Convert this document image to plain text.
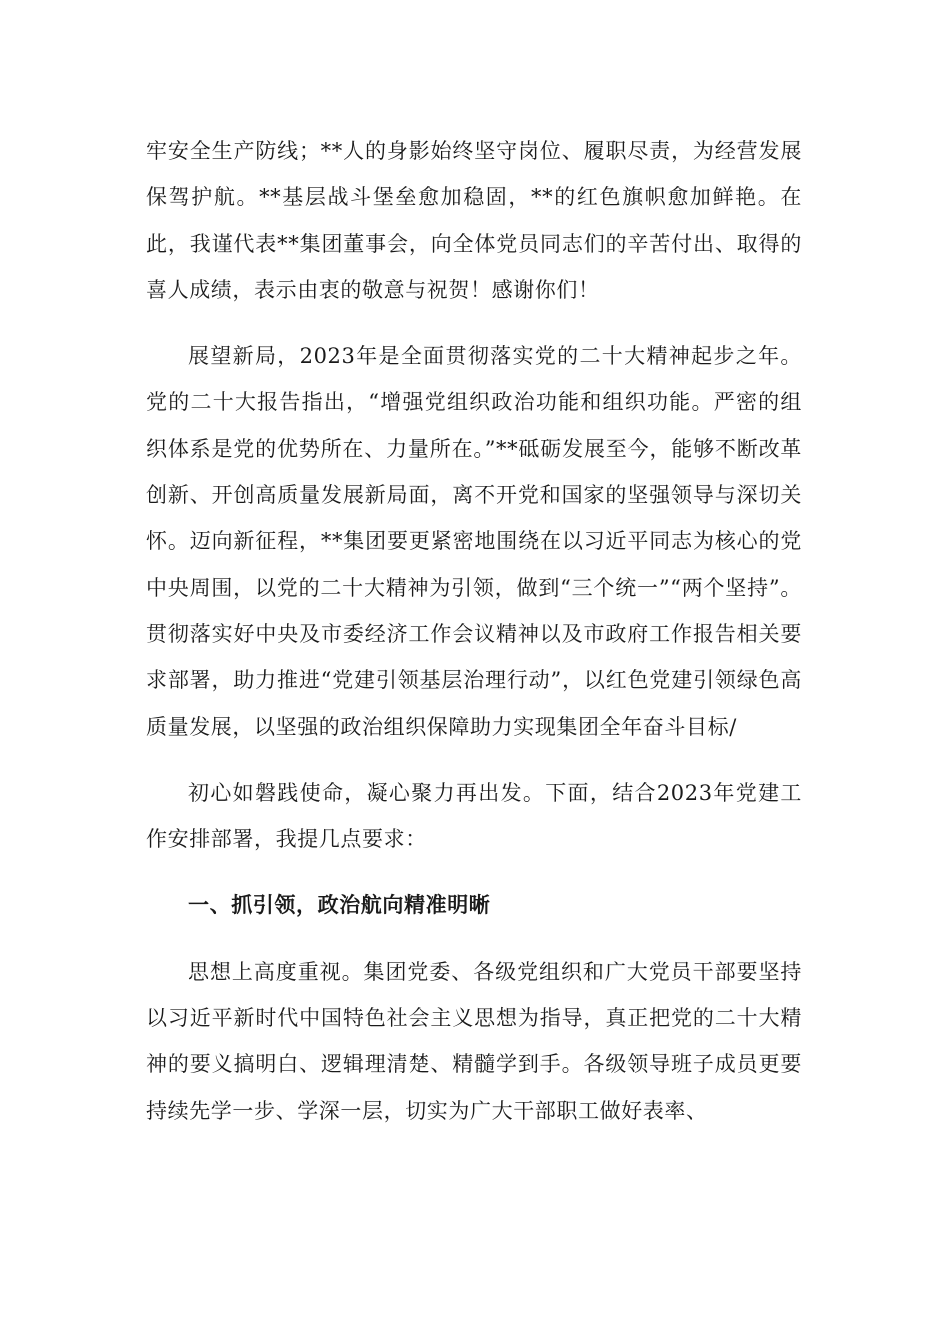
牢安全生产防线；**人的身影始终坚守岗位、履职尽责，为经营发展保驾护航。**基层战斗堡垒愈加稳固，**的红色旗帜愈加鲜艳。在此，我谨代表**集团董事会，向全体党员同志们的辛苦付出、取得的喜人成绩，表示由衷的敬意与祝贺！感谢你们！

展望新局，2023年是全面贯彻落实党的二十大精神起步之年。党的二十大报告指出，“增强党组织政治功能和组织功能。严密的组织体系是党的优势所在、力量所在。”**砥砺发展至今，能够不断改革创新、开创高质量发展新局面，离不开党和国家的坚强领导与深切关怀。迈向新征程，**集团要更紧密地围绕在以习近平同志为核心的党中央周围，以党的二十大精神为引领，做到“三个统一”“两个坚持”。贯彻落实好中央及市委经济工作会议精神以及市政府工作报告相关要求部署，助力推进“党建引领基层治理行动”，以红色党建引领绿色高质量发展，以坚强的政治组织保障助力实现集团全年奋斗目标/

初心如磐践使命，凝心聚力再出发。下面，结合2023年党建工作安排部署，我提几点要求：

一、抓引领，政治航向精准明晰

思想上高度重视。集团党委、各级党组织和广大党员干部要坚持以习近平新时代中国特色社会主义思想为指导，真正把党的二十大精神的要义搞明白、逻辑理清楚、精髓学到手。各级领导班子成员更要持续先学一步、学深一层，切实为广大干部职工做好表率、
